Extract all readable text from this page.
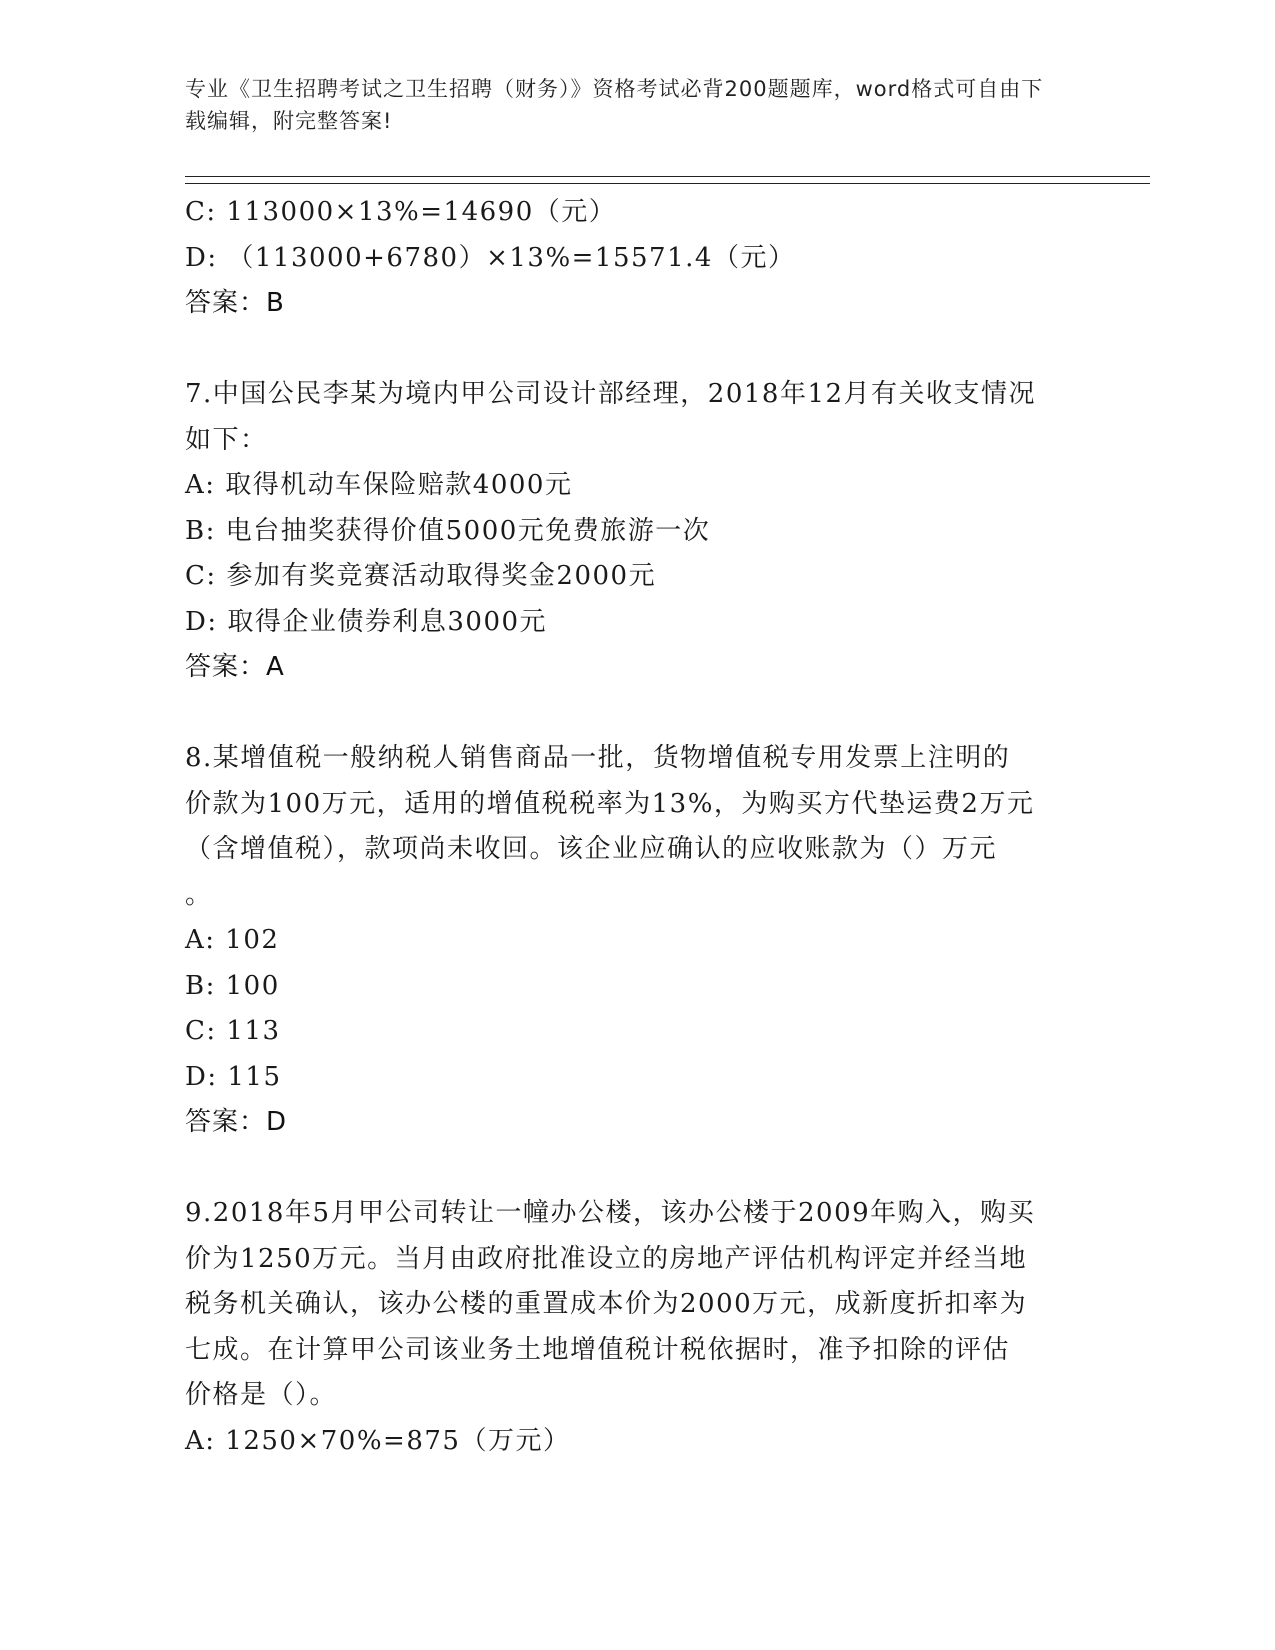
专业《卫生招聘考试之卫生招聘（财务）》资格考试必背200题题库，word格式可自由下载编辑，附完整答案!
C: 113000×13%=14690（元）
D: （113000+6780）×13%=15571.4（元）
答案：B
7.中国公民李某为境内甲公司设计部经理，2018年12月有关收支情况
如下：
A: 取得机动车保险赔款4000元
B: 电台抽奖获得价值5000元免费旅游一次
C: 参加有奖竞赛活动取得奖金2000元
D: 取得企业债券利息3000元
答案：A
8.某增值税一般纳税人销售商品一批，货物增值税专用发票上注明的
价款为100万元，适用的增值税税率为13%，为购买方代垫运费2万元
（含增值税），款项尚未收回。该企业应确认的应收账款为（）万元
。
A: 102
B: 100
C: 113
D: 115
答案：D
9.2018年5月甲公司转让一幢办公楼，该办公楼于2009年购入，购买
价为1250万元。当月由政府批准设立的房地产评估机构评定并经当地
税务机关确认，该办公楼的重置成本价为2000万元，成新度折扣率为
七成。在计算甲公司该业务土地增值税计税依据时，准予扣除的评估
价格是（）。
A: 1250×70%=875（万元）
